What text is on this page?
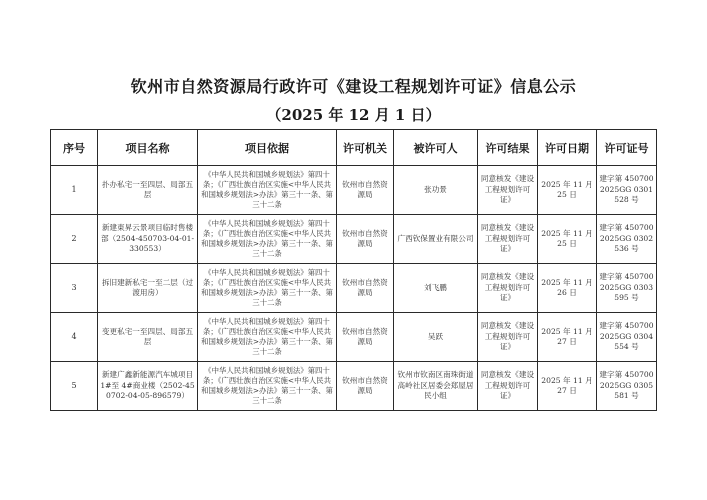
钦州市自然资源局行政许可《建设工程规划许可证》信息公示
（2025 年 12 月 1 日）
序号	项目名称	项目依据	许可机关	被许可人	许可结果	许可日期	许可证号
1	扑办私宅一至四层、局部五层	《中华人民共和国城乡规划法》第四十条；《广西壮族自治区实施<中华人民共和国城乡规划法>办法》第三十一条、第三十二条	钦州市自然资源局	张功景	同意核发《建设工程规划许可证》	2025 年 11 月 25 日	建字第 4507002025GG 0301528 号
2	新建東昇云景项目临时售楼部（2504-450703-04-01-330553）	《中华人民共和国城乡规划法》第四十条；《广西壮族自治区实施<中华人民共和国城乡规划法>办法》第三十一条、第三十二条	钦州市自然资源局	广西钦保置业有限公司	同意核发《建设工程规划许可证》	2025 年 11 月 25 日	建字第 4507002025GG 0302536 号
3	拆旧建新私宅一至二层（过渡用房）	《中华人民共和国城乡规划法》第四十条；《广西壮族自治区实施<中华人民共和国城乡规划法>办法》第三十一条、第三十二条	钦州市自然资源局	刘飞鹏	同意核发《建设工程规划许可证》	2025 年 11 月 26 日	建字第 4507002025GG 0303595 号
4	变更私宅一至四层、局部五层	《中华人民共和国城乡规划法》第四十条；《广西壮族自治区实施<中华人民共和国城乡规划法>办法》第三十一条、第三十二条	钦州市自然资源局	吴跃	同意核发《建设工程规划许可证》	2025 年 11 月 27 日	建字第 4507002025GG 0304554 号
5	新建广鑫新能源汽车城项目 1#至 4#商业楼（2502-450702-04-05-896579）	《中华人民共和国城乡规划法》第四十条；《广西壮族自治区实施<中华人民共和国城乡规划法>办法》第三十一条、第三十二条	钦州市自然资源局	钦州市钦南区南珠街道高岭社区居委会郑屋居民小组	同意核发《建设工程规划许可证》	2025 年 11 月 27 日	建字第 4507002025GG 0305581 号
